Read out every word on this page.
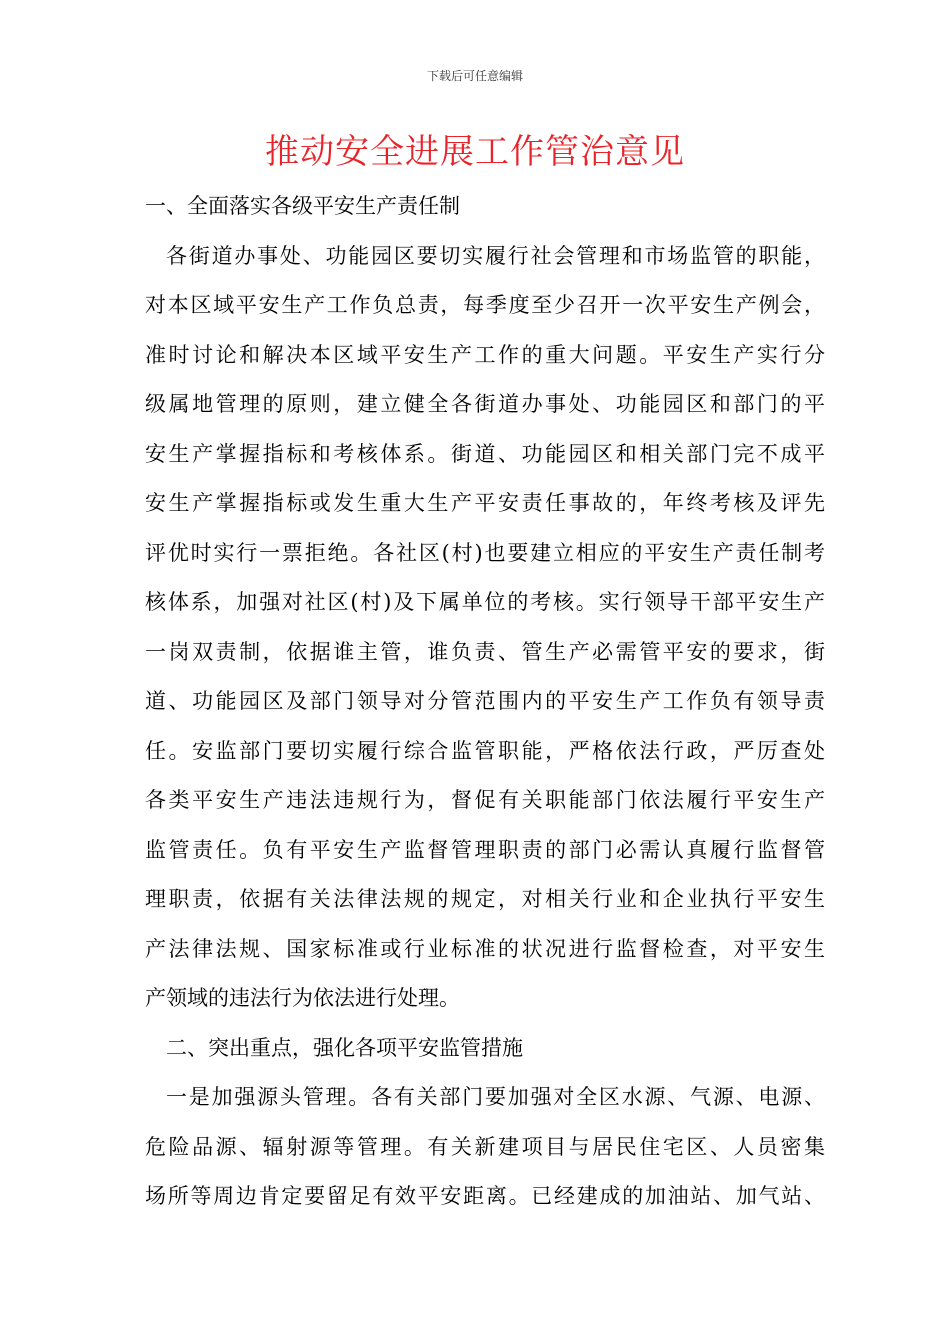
下载后可任意编辑
推动安全进展工作管治意见
一、全面落实各级平安生产责任制
各街道办事处、功能园区要切实履行社会管理和市场监管的职能，
对本区域平安生产工作负总责，每季度至少召开一次平安生产例会，
准时讨论和解决本区域平安生产工作的重大问题。平安生产实行分
级属地管理的原则，建立健全各街道办事处、功能园区和部门的平
安生产掌握指标和考核体系。街道、功能园区和相关部门完不成平
安生产掌握指标或发生重大生产平安责任事故的，年终考核及评先
评优时实行一票拒绝。各社区(村)也要建立相应的平安生产责任制考
核体系，加强对社区(村)及下属单位的考核。实行领导干部平安生产
一岗双责制，依据谁主管，谁负责、管生产必需管平安的要求，街
道、功能园区及部门领导对分管范围内的平安生产工作负有领导责
任。安监部门要切实履行综合监管职能，严格依法行政，严厉查处
各类平安生产违法违规行为，督促有关职能部门依法履行平安生产
监管责任。负有平安生产监督管理职责的部门必需认真履行监督管
理职责，依据有关法律法规的规定，对相关行业和企业执行平安生
产法律法规、国家标准或行业标准的状况进行监督检查，对平安生
产领域的违法行为依法进行处理。
二、突出重点，强化各项平安监管措施
一是加强源头管理。各有关部门要加强对全区水源、气源、电源、
危险品源、辐射源等管理。有关新建项目与居民住宅区、人员密集
场所等周边肯定要留足有效平安距离。已经建成的加油站、加气站、
